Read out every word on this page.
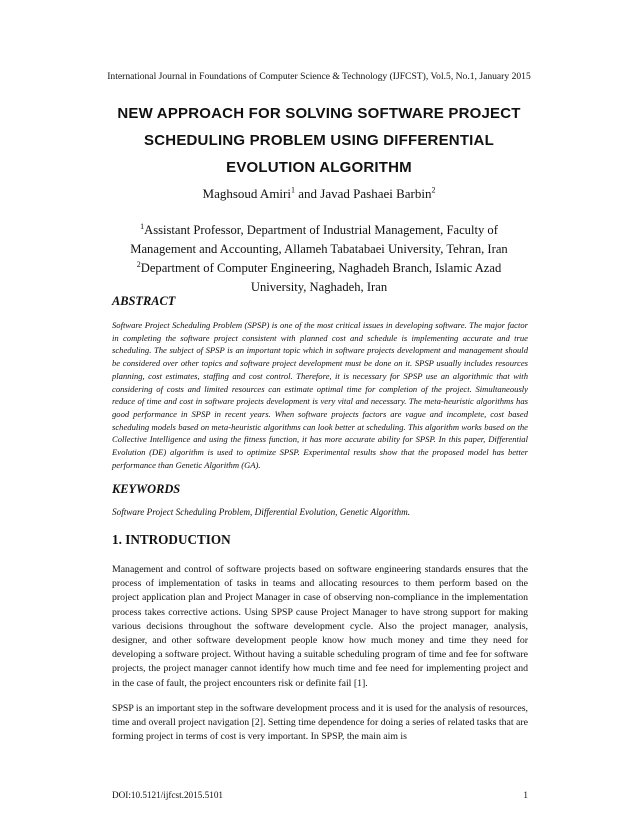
International Journal in Foundations of Computer Science & Technology (IJFCST), Vol.5, No.1, January 2015
NEW APPROACH FOR SOLVING SOFTWARE PROJECT
SCHEDULING PROBLEM USING DIFFERENTIAL
EVOLUTION ALGORITHM
Maghsoud Amiri$^1$ and Javad Pashaei Barbin$^2$
$^1$Assistant Professor, Department of Industrial Management, Faculty of
Management and Accounting, Allameh Tabatabaei University, Tehran, Iran
$^2$Department of Computer Engineering, Naghadeh Branch, Islamic Azad
University, Naghadeh, Iran
ABSTRACT
Software Project Scheduling Problem (SPSP) is one of the most critical issues in developing software. The major factor in completing the software project consistent with planned cost and schedule is implementing accurate and true scheduling. The subject of SPSP is an important topic which in software projects development and management should be considered over other topics and software project development must be done on it. SPSP usually includes resources planning, cost estimates, staffing and cost control. Therefore, it is necessary for SPSP use an algorithmic that with considering of costs and limited resources can estimate optimal time for completion of the project. Simultaneously reduce of time and cost in software projects development is very vital and necessary. The meta-heuristic algorithms has good performance in SPSP in recent years. When software projects factors are vague and incomplete, cost based scheduling models based on meta-heuristic algorithms can look better at scheduling. This algorithm works based on the Collective Intelligence and using the fitness function, it has more accurate ability for SPSP. In this paper, Differential Evolution (DE) algorithm is used to optimize SPSP. Experimental results show that the proposed model has better performance than Genetic Algorithm (GA).
KEYWORDS
Software Project Scheduling Problem, Differential Evolution, Genetic Algorithm.
1. INTRODUCTION
Management and control of software projects based on software engineering standards ensures that the process of implementation of tasks in teams and allocating resources to them perform based on the project application plan and Project Manager in case of observing non-compliance in the implementation process takes corrective actions. Using SPSP cause Project Manager to have strong support for making various decisions throughout the software development cycle. Also the project manager, analysis, designer, and other software development people know how much money and time they need for developing a software project. Without having a suitable scheduling program of time and fee for software projects, the project manager cannot identify how much time and fee need for implementing project and in the case of fault, the project encounters risk or definite fail [1].
SPSP is an important step in the software development process and it is used for the analysis of resources, time and overall project navigation [2]. Setting time dependence for doing a series of related tasks that are forming project in terms of cost is very important. In SPSP, the main aim is
DOI:10.5121/ijfcst.2015.5101	1
